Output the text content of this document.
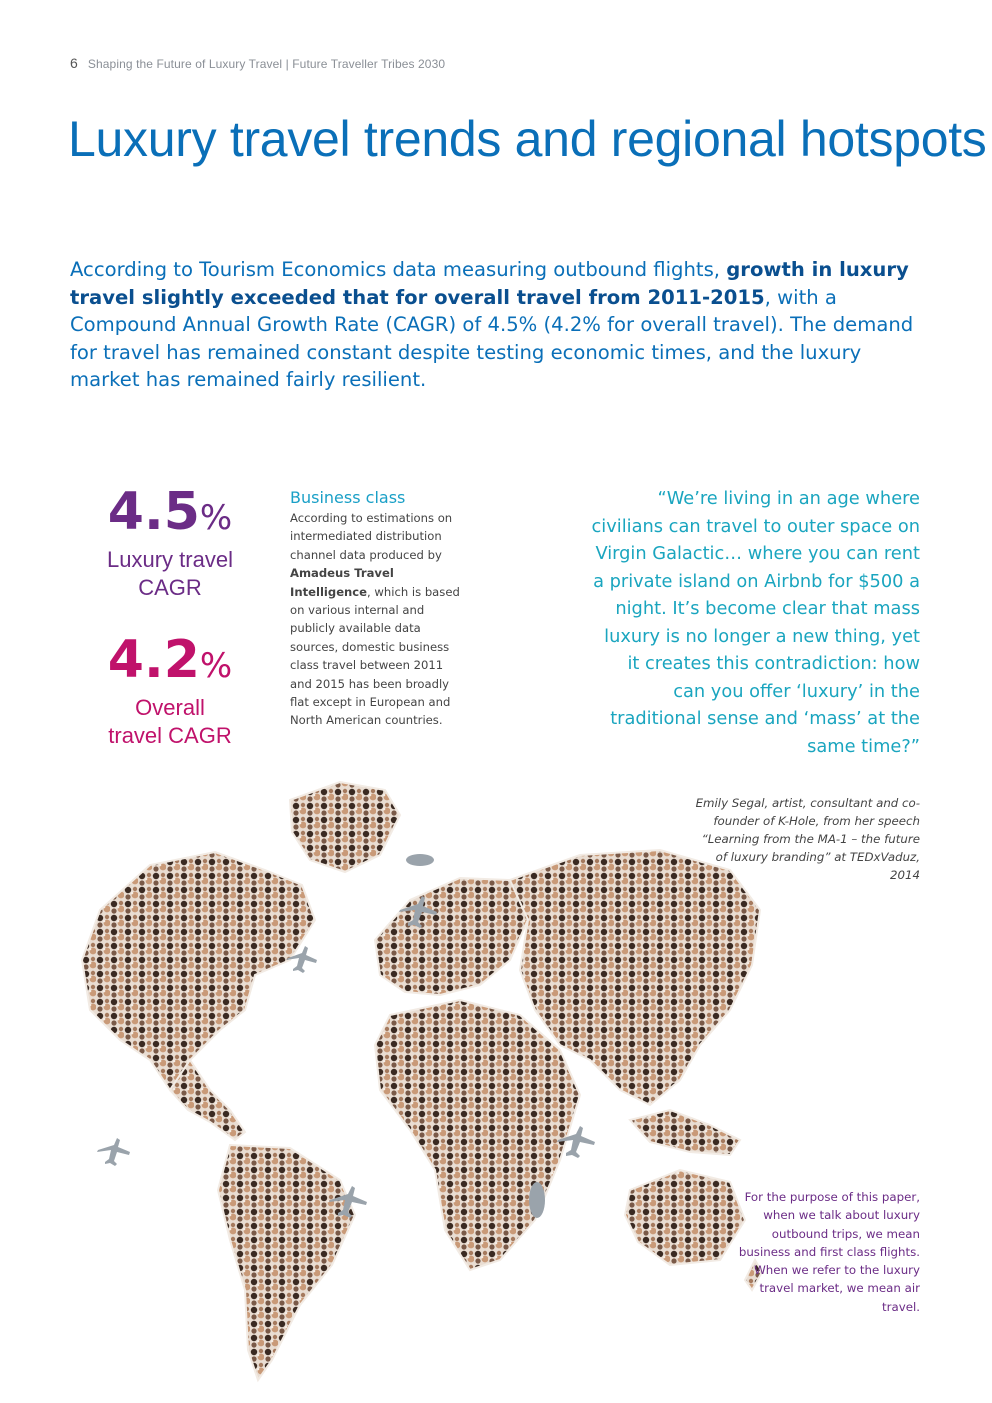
6 Shaping the Future of Luxury Travel | Future Traveller Tribes 2030
Luxury travel trends and regional hotspots

According to Tourism Economics data measuring outbound flights, growth in luxury travel slightly exceeded that for overall travel from 2011-2015, with a Compound Annual Growth Rate (CAGR) of 4.5% (4.2% for overall travel). The demand for travel has remained constant despite testing economic times, and the luxury market has remained fairly resilient.

4.5%
Luxury travel
CAGR
4.2%
Overall
travel CAGR
Business class
According to estimations on intermediated distribution channel data produced by Amadeus Travel Intelligence, which is based on various internal and publicly available data sources, domestic business class travel between 2011 and 2015 has been broadly flat except in European and North American countries.
“We’re living in an age where civilians can travel to outer space on Virgin Galactic… where you can rent a private island on Airbnb for $500 a night. It’s become clear that mass luxury is no longer a new thing, yet it creates this contradiction: how can you offer ‘luxury’ in the traditional sense and ‘mass’ at the same time?”
Emily Segal, artist, consultant and co-founder of K-Hole, from her speech “Learning from the MA-1 – the future of luxury branding” at TEDxVaduz, 2014
For the purpose of this paper, when we talk about luxury outbound trips, we mean business and first class flights. When we refer to the luxury travel market, we mean air travel.
